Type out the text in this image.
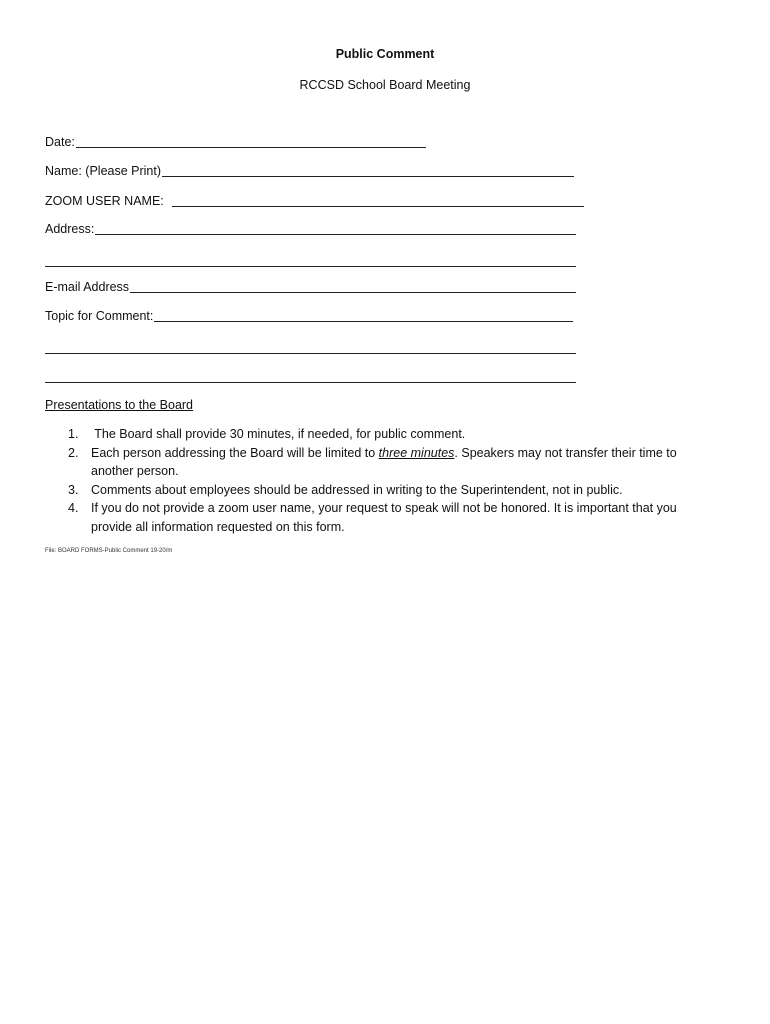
Public Comment
RCCSD School Board Meeting
Date:
Name: (Please Print)
ZOOM USER NAME:
Address:
E-mail Address
Topic for Comment:
Presentations to the Board
1. The Board shall provide 30 minutes, if needed, for public comment.
2. Each person addressing the Board will be limited to three minutes. Speakers may not transfer their time to another person.
3. Comments about employees should be addressed in writing to the Superintendent, not in public.
4. If you do not provide a zoom user name, your request to speak will not be honored. It is important that you provide all information requested on this form.
File: BOARD FORMS-Public Comment 19-20/m
